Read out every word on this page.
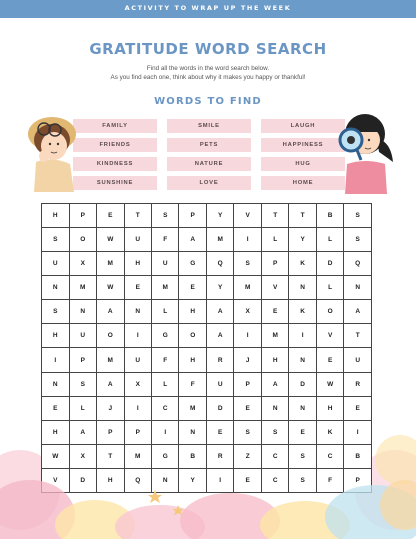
ACTIVITY TO WRAP UP THE WEEK
GRATITUDE WORD SEARCH
Find all the words in the word search below.
As you find each one, think about why it makes you happy or thankful!
WORDS TO FIND
FAMILY	SMILE	LAUGH
FRIENDS	PETS	HAPPINESS
KINDNESS	NATURE	HUG
SUNSHINE	LOVE	HOME
H	P	E	T	S	P	Y	V	T	T	B	S
S	O	W	U	F	A	M	I	L	Y	L	S
U	X	M	H	U	G	Q	S	P	K	D	Q
N	M	W	E	M	E	Y	M	V	N	L	N
S	N	A	N	L	H	A	X	E	K	O	A
H	U	O	I	G	O	A	I	M	I	V	T
I	P	M	U	F	H	R	J	H	N	E	U
N	S	A	X	L	F	U	P	A	D	W	R
E	L	J	I	C	M	D	E	N	N	H	E
H	A	P	P	I	N	E	S	S	E	K	I
W	X	T	M	G	B	R	Z	C	S	C	B
V	D	H	Q	N	Y	I	E	C	S	F	P
